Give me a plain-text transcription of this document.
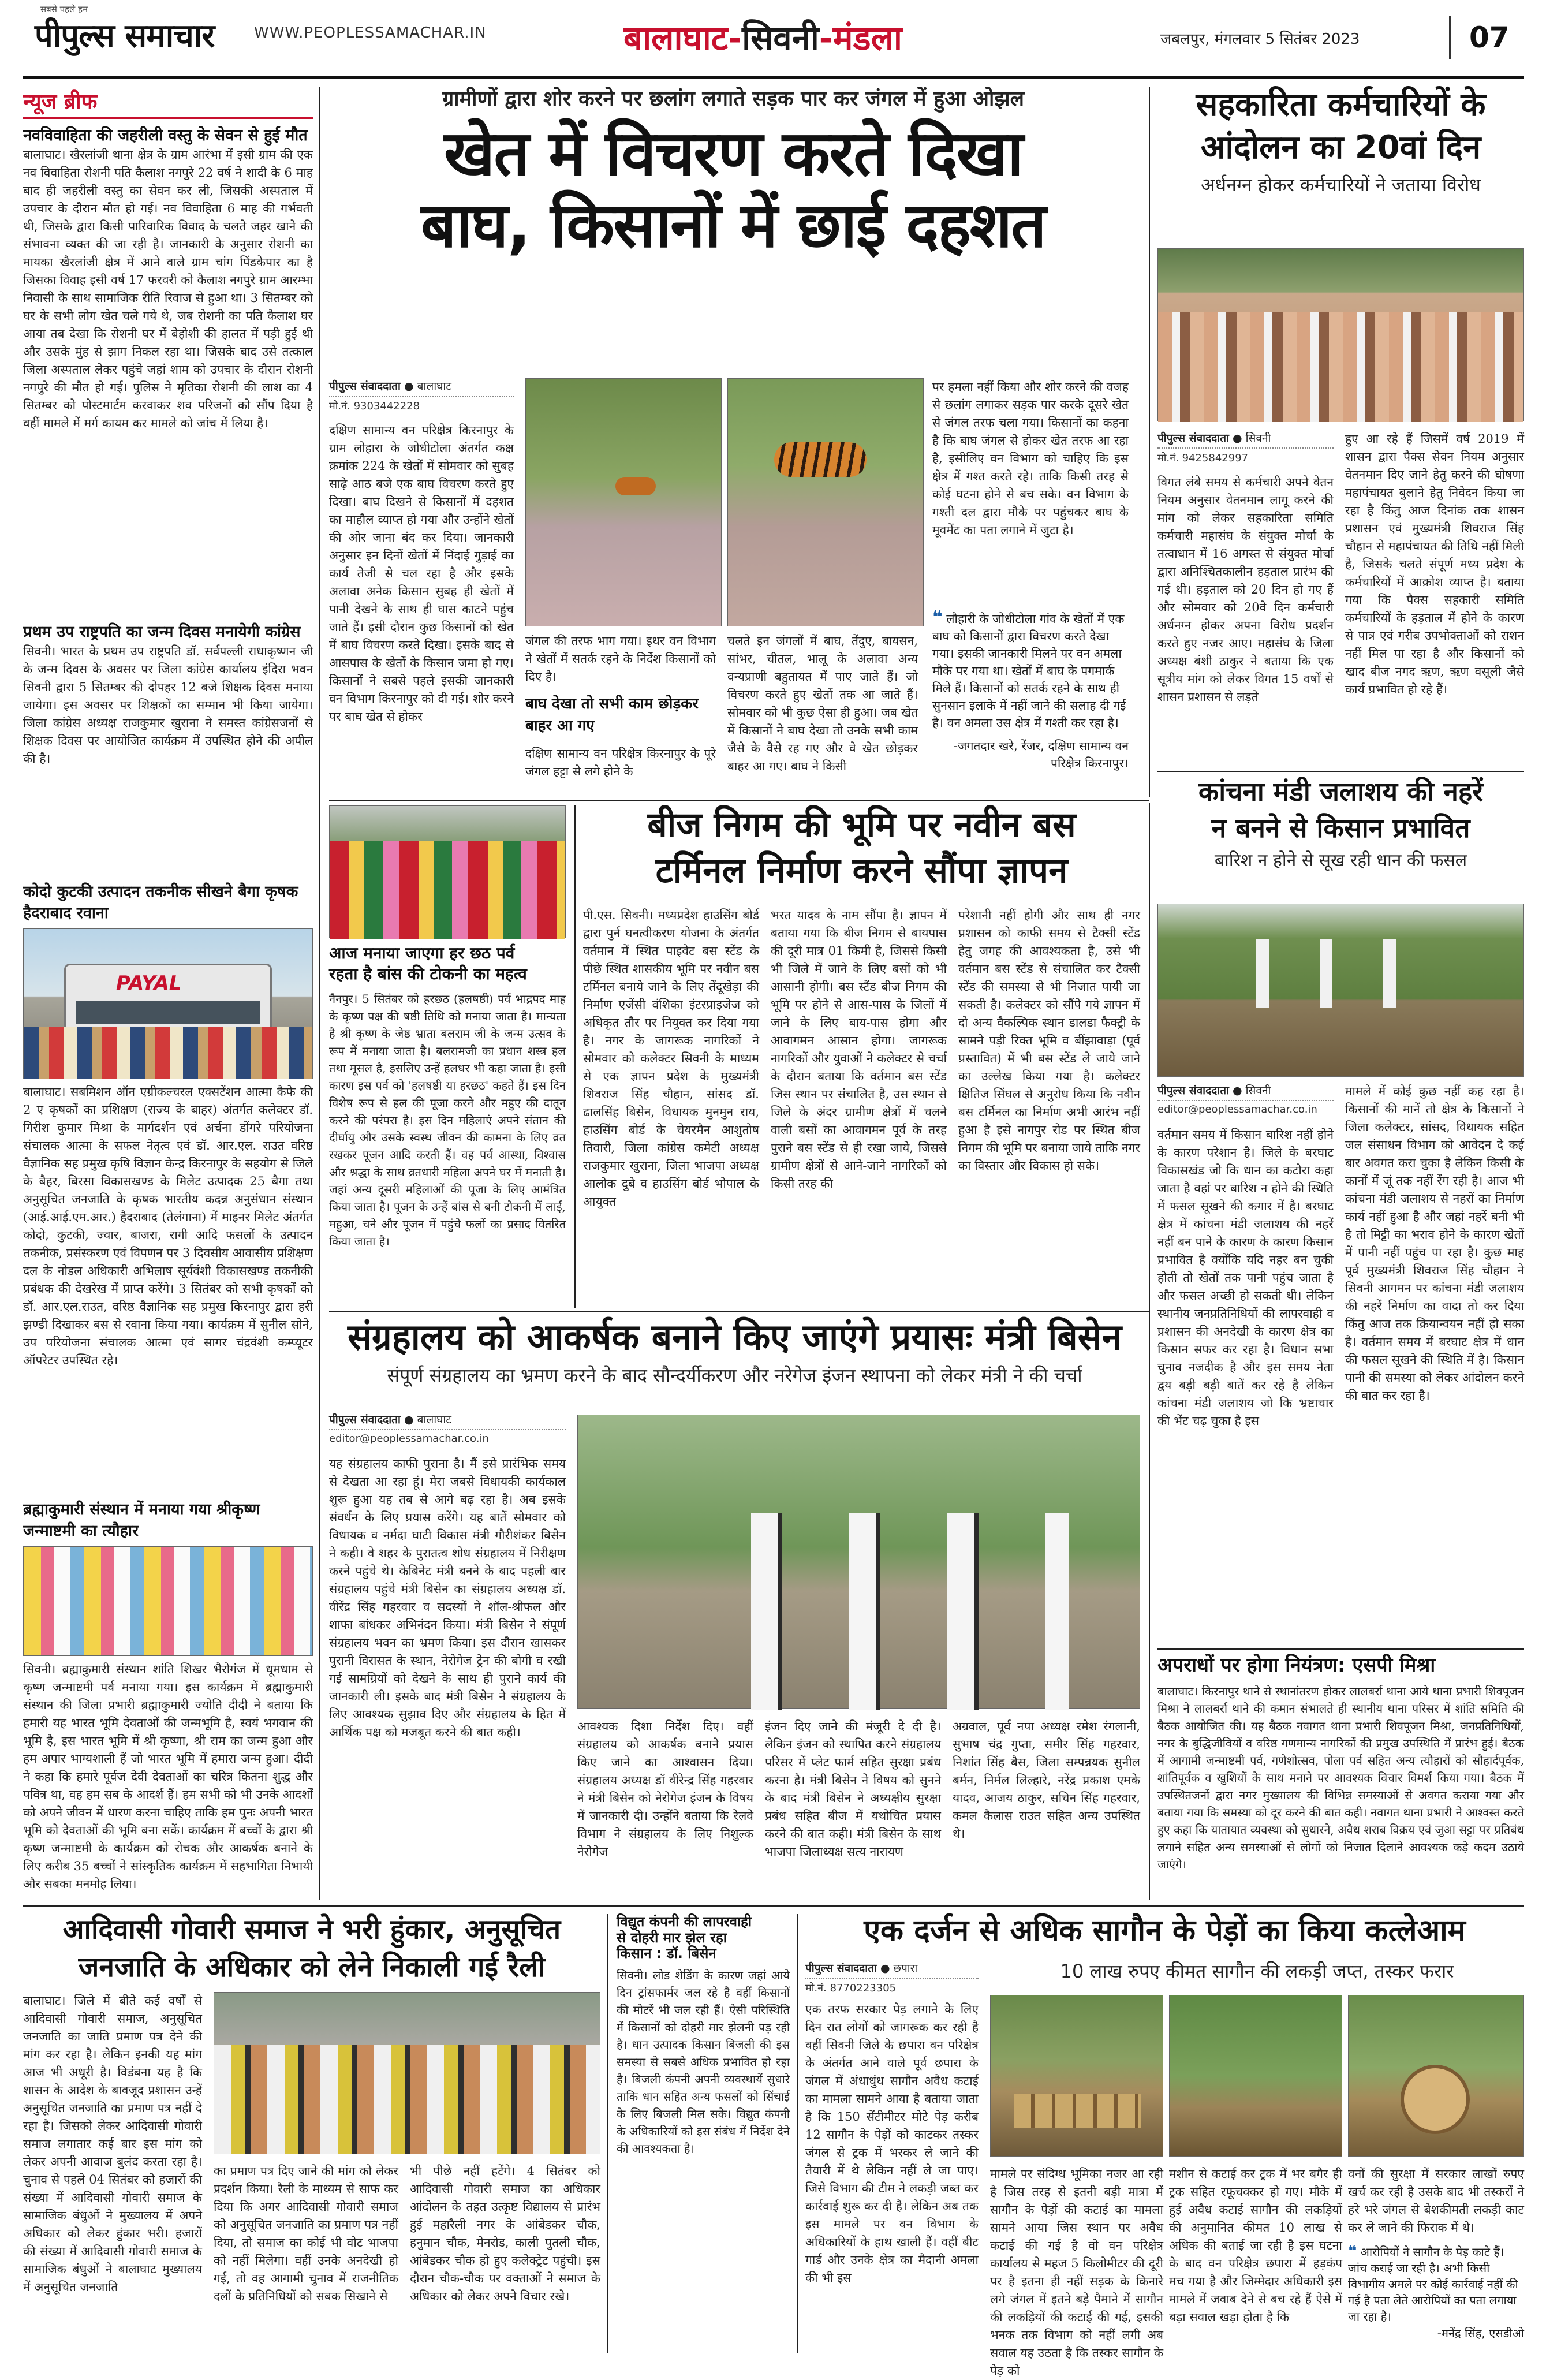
सबसे पहले हम
पीपुल्स समाचार	WWW.PEOPLESSAMACHAR.IN	बालाघाट-सिवनी-मंडला	जबलपुर, मंगलवार 5 सितंबर 2023	07
न्यूज ब्रीफ
नवविवाहिता की जहरीली वस्तु के सेवन से हुई मौत
बालाघाट। खैरलांजी थाना क्षेत्र के ग्राम आरंभा में इसी ग्राम की एक नव विवाहिता रोशनी पति कैलाश नगपुरे 22 वर्ष ने शादी के 6 माह बाद ही जहरीली वस्तु का सेवन कर ली, जिसकी अस्पताल में उपचार के दौरान मौत हो गई। नव विवाहिता 6 माह की गर्भवती थी, जिसके द्वारा किसी पारिवारिक विवाद के चलते जहर खाने की संभावना व्यक्त की जा रही है। जानकारी के अनुसार रोशनी का मायका खैरलांजी क्षेत्र में आने वाले ग्राम चांग पिंडकेपार का है जिसका विवाह इसी वर्ष 17 फरवरी को कैलाश नगपुरे ग्राम आरम्भा निवासी के साथ सामाजिक रीति रिवाज से हुआ था। 3 सितम्बर को घर के सभी लोग खेत चले गये थे, जब रोशनी का पति कैलाश घर आया तब देखा कि रोशनी घर में बेहोशी की हालत में पड़ी हुई थी और उसके मुंह से झाग निकल रहा था। जिसके बाद उसे तत्काल जिला अस्पताल लेकर पहुंचे जहां शाम को उपचार के दौरान रोशनी नगपुरे की मौत हो गई। पुलिस ने मृतिका रोशनी की लाश का 4 सितम्बर को पोस्टमार्टम करवाकर शव परिजनों को सौंप दिया है वहीं मामले में मर्ग कायम कर मामले को जांच में लिया है।
प्रथम उप राष्ट्रपति का जन्म दिवस मनायेगी कांग्रेस
सिवनी। भारत के प्रथम उप राष्ट्रपति डॉ. सर्वपल्ली राधाकृष्णन जी के जन्म दिवस के अवसर पर जिला कांग्रेस कार्यालय इंदिरा भवन सिवनी द्वारा 5 सितम्बर की दोपहर 12 बजे शिक्षक दिवस मनाया जायेगा। इस अवसर पर शिक्षकों का सम्मान भी किया जायेगा। जिला कांग्रेस अध्यक्ष राजकुमार खुराना ने समस्त कांग्रेसजनों से शिक्षक दिवस पर आयोजित कार्यक्रम में उपस्थित होने की अपील की है।
कोदो कुटकी उत्पादन तकनीक सीखने बैगा कृषक हैदराबाद रवाना
PAYAL
बालाघाट। सबमिशन ऑन एग्रीकल्चरल एक्सटेंशन आत्मा कैफे की 2 ए कृषकों का प्रशिक्षण (राज्य के बाहर) अंतर्गत कलेक्टर डॉ. गिरीश कुमार मिश्रा के मार्गदर्शन एवं अर्चना डोंगरे परियोजना संचालक आत्मा के सफल नेतृत्व एवं डॉ. आर.एल. राउत वरिष्ठ वैज्ञानिक सह प्रमुख कृषि विज्ञान केन्द्र किरनापुर के सहयोग से जिले के बैहर, बिरसा विकासखण्ड के मिलेट उत्पादक 25 बैगा तथा अनुसूचित जनजाति के कृषक भारतीय कदन्न अनुसंधान संस्थान (आई.आई.एम.आर.) हैदराबाद (तेलंगाना) में माइनर मिलेट अंतर्गत कोदो, कुटकी, ज्वार, बाजरा, रागी आदि फसलों के उत्पादन तकनीक, प्रसंस्करण एवं विपणन पर 3 दिवसीय आवासीय प्रशिक्षण दल के नोडल अधिकारी अभिलाष सूर्यवंशी विकासखण्ड तकनीकी प्रबंधक की देखरेख में प्राप्त करेंगे। 3 सितंबर को सभी कृषकों को डॉ. आर.एल.राउत, वरिष्ठ वैज्ञानिक सह प्रमुख किरनापुर द्वारा हरी झण्डी दिखाकर बस से रवाना किया गया। कार्यक्रम में सुनील सोने, उप परियोजना संचालक आत्मा एवं सागर चंद्रवंशी कम्प्यूटर ऑपरेटर उपस्थित रहे।
ब्रह्माकुमारी संस्थान में मनाया गया श्रीकृष्ण जन्माष्टमी का त्यौहार
सिवनी। ब्रह्माकुमारी संस्थान शांति शिखर भैरोगंज में धूमधाम से कृष्ण जन्माष्टमी पर्व मनाया गया। इस कार्यक्रम में ब्रह्माकुमारी संस्थान की जिला प्रभारी ब्रह्माकुमारी ज्योति दीदी ने बताया कि हमारी यह भारत भूमि देवताओं की जन्मभूमि है, स्वयं भगवान की भूमि है, इस भारत भूमि में श्री कृष्णा, श्री राम का जन्म हुआ और हम अपार भाग्यशाली हैं जो भारत भूमि में हमारा जन्म हुआ। दीदी ने कहा कि हमारे पूर्वज देवी देवताओं का चरित्र कितना शुद्ध और पवित्र था, वह हम सब के आदर्श हैं। हम सभी को भी उनके आदर्शों को अपने जीवन में धारण करना चाहिए ताकि हम पुनः अपनी भारत भूमि को देवताओं की भूमि बना सकें। कार्यक्रम में बच्चों के द्वारा श्री कृष्ण जन्माष्टमी के कार्यक्रम को रोचक और आकर्षक बनाने के लिए करीब 35 बच्चों ने सांस्कृतिक कार्यक्रम में सहभागिता निभायी और सबका मनमोह लिया।
ग्रामीणों द्वारा शोर करने पर छलांग लगाते सड़क पार कर जंगल में हुआ ओझल
खेत में विचरण करते दिखा
बाघ, किसानों में छाई दहशत
पीपुल्स संवाददाता ● बालाघाट
मो.नं. 9303442228
दक्षिण सामान्य वन परिक्षेत्र किरनापुर के ग्राम लोहारा के जोधीटोला अंतर्गत कक्ष क्रमांक 224 के खेतों में सोमवार को सुबह साढ़े आठ बजे एक बाघ विचरण करते हुए दिखा। बाघ दिखने से किसानों में दहशत का माहौल व्याप्त हो गया और उन्होंने खेतों की ओर जाना बंद कर दिया। जानकारी अनुसार इन दिनों खेतों में निंदाई गुड़ाई का कार्य तेजी से चल रहा है और इसके अलावा अनेक किसान सुबह ही खेतों में पानी देखने के साथ ही घास काटने पहुंच जाते हैं। इसी दौरान कुछ किसानों को खेत में बाघ विचरण करते दिखा। इसके बाद से आसपास के खेतों के किसान जमा हो गए। किसानों ने सबसे पहले इसकी जानकारी वन विभाग किरनापुर को दी गई। शोर करने पर बाघ खेत से होकर
जंगल की तरफ भाग गया। इधर वन विभाग ने खेतों में सतर्क रहने के निर्देश किसानों को दिए है।
बाघ देखा तो सभी काम छोड़कर बाहर आ गए
दक्षिण सामान्य वन परिक्षेत्र किरनापुर के पूरे जंगल हट्टा से लगे होने के
चलते इन जंगलों में बाघ, तेंदुए, बायसन, सांभर, चीतल, भालू के अलावा अन्य वन्यप्राणी बहुतायत में पाए जाते हैं। जो विचरण करते हुए खेतों तक आ जाते हैं। सोमवार को भी कुछ ऐसा ही हुआ। जब खेत में किसानों ने बाघ देखा तो उनके सभी काम जैसे के वैसे रह गए और वे खेत छोड़कर बाहर आ गए। बाघ ने किसी
पर हमला नहीं किया और शोर करने की वजह से छलांग लगाकर सड़क पार करके दूसरे खेत से जंगल तरफ चला गया। किसानों का कहना है कि बाघ जंगल से होकर खेत तरफ आ रहा है, इसीलिए वन विभाग को चाहिए कि इस क्षेत्र में गश्त करते रहे। ताकि किसी तरह से कोई घटना होने से बच सके। वन विभाग के गश्ती दल द्वारा मौके पर पहुंचकर बाघ के मूवमेंट का पता लगाने में जुटा है।
❝ लौहारी के जोधीटोला गांव के खेतों में एक बाघ को किसानों द्वारा विचरण करते देखा गया। इसकी जानकारी मिलने पर वन अमला मौके पर गया था। खेतों में बाघ के पगमार्क मिले हैं। किसानों को सतर्क रहने के साथ ही सुनसान इलाके में नहीं जाने की सलाह दी गई है। वन अमला उस क्षेत्र में गश्ती कर रहा है।
-जगतदार खरे, रेंजर, दक्षिण सामान्य वन परिक्षेत्र किरनापुर।
सहकारिता कर्मचारियों के
आंदोलन का 20वां दिन
अर्धनग्न होकर कर्मचारियों ने जताया विरोध
पीपुल्स संवाददाता ● सिवनी
मो.नं. 9425842997
विगत लंबे समय से कर्मचारी अपने वेतन नियम अनुसार वेतनमान लागू करने की मांग को लेकर सहकारिता समिति कर्मचारी महासंघ के संयुक्त मोर्चा के तत्वाधान में 16 अगस्त से संयुक्त मोर्चा द्वारा अनिश्चितकालीन हड़ताल प्रारंभ की गई थी। हड़ताल को 20 दिन हो गए हैं और सोमवार को 20वे दिन कर्मचारी अर्धनग्न होकर अपना विरोध प्रदर्शन करते हुए नजर आए। महासंघ के जिला अध्यक्ष बंशी ठाकुर ने बताया कि एक सूत्रीय मांग को लेकर विगत 15 वर्षों से शासन प्रशासन से लड़ते
हुए आ रहे हैं जिसमें वर्ष 2019 में शासन द्वारा पैक्स सेवन नियम अनुसार वेतनमान दिए जाने हेतु करने की घोषणा महापंचायत बुलाने हेतु निवेदन किया जा रहा है किंतु आज दिनांक तक शासन प्रशासन एवं मुख्यमंत्री शिवराज सिंह चौहान से महापंचायत की तिथि नहीं मिली है, जिसके चलते संपूर्ण मध्य प्रदेश के कर्मचारियों में आक्रोश व्याप्त है। बताया गया कि पैक्स सहकारी समिति कर्मचारियों के हड़ताल में होने के कारण से पात्र एवं गरीब उपभोक्ताओं को राशन नहीं मिल पा रहा है और किसानों को खाद बीज नगद ऋण, ऋण वसूली जैसे कार्य प्रभावित हो रहे हैं।
कांचना मंडी जलाशय की नहरें
न बनने से किसान प्रभावित
बारिश न होने से सूख रही धान की फसल
पीपुल्स संवाददाता ● सिवनी
editor@peoplessamachar.co.in
वर्तमान समय में किसान बारिश नहीं होने के कारण परेशान है। जिले के बरघाट विकासखंड जो कि धान का कटोरा कहा जाता है वहां पर बारिश न होने की स्थिति में फसल सूखने की कगार में है। बरघाट क्षेत्र में कांचना मंडी जलाशय की नहरें नहीं बन पाने के कारण के कारण किसान प्रभावित है क्योंकि यदि नहर बन चुकी होती तो खेतों तक पानी पहुंच जाता है और फसल अच्छी हो सकती थी। लेकिन स्थानीय जनप्रतिनिधियों की लापरवाही व प्रशासन की अनदेखी के कारण क्षेत्र का किसान सफर कर रहा है। विधान सभा चुनाव नजदीक है और इस समय नेता द्वय बड़ी बड़ी बातें कर रहे है लेकिन कांचना मंडी जलाशय जो कि भ्रष्टाचार की भेंट चढ़ चुका है इस
मामले में कोई कुछ नहीं कह रहा है। किसानों की मानें तो क्षेत्र के किसानों ने जिला कलेक्टर, सांसद, विधायक सहित जल संसाधन विभाग को आवेदन दे कई बार अवगत करा चुका है लेकिन किसी के कानों में जूं तक नहीं रेंग रही है। आज भी कांचना मंडी जलाशय से नहरों का निर्माण कार्य नहीं हुआ है और जहां नहरें बनी भी है तो मिट्टी का भराव होने के कारण खेतों में पानी नहीं पहुंच पा रहा है। कुछ माह पूर्व मुख्यमंत्री शिवराज सिंह चौहान ने सिवनी आगमन पर कांचना मंडी जलाशय की नहरें निर्माण का वादा तो कर दिया किंतु आज तक क्रियान्वयन नहीं हो सका है। वर्तमान समय में बरघाट क्षेत्र में धान की फसल सूखने की स्थिति में है। किसान पानी की समस्या को लेकर आंदोलन करने की बात कर रहा है।
अपराधों पर होगा नियंत्रण: एसपी मिश्रा
बालाघाट। किरनापुर थाने से स्थानांतरण होकर लालबर्रा थाना आये थाना प्रभारी शिवपूजन मिश्रा ने लालबर्रा थाने की कमान संभालते ही स्थानीय थाना परिसर में शांति समिति की बैठक आयोजित की। यह बैठक नवागत थाना प्रभारी शिवपूजन मिश्रा, जनप्रतिनिधियों, नगर के बुद्धिजीवियों व वरिष्ठ गणमान्य नागरिकों की प्रमुख उपस्थिति में प्रारंभ हुई। बैठक में आगामी जन्माष्टमी पर्व, गणेशोत्सव, पोला पर्व सहित अन्य त्यौहारों को सौहार्दपूर्वक, शांतिपूर्वक व खुशियों के साथ मनाने पर आवश्यक विचार विमर्श किया गया। बैठक में उपस्थितजनों द्वारा नगर मुख्यालय की विभिन्न समस्याओं से अवगत कराया गया और बताया गया कि समस्या को दूर करने की बात कही। नवागत थाना प्रभारी ने आश्वस्त करते हुए कहा कि यातायात व्यवस्था को सुधारने, अवैध शराब विक्रय एवं जुआ सट्टा पर प्रतिबंध लगाने सहित अन्य समस्याओं से लोगों को निजात दिलाने आवश्यक कड़े कदम उठाये जाएंगे।
आज मनाया जाएगा हर छठ पर्व
रहता है बांस की टोकनी का महत्व
नैनपुर। 5 सितंबर को हरछठ (हलषष्ठी) पर्व भाद्रपद माह के कृष्ण पक्ष की षष्ठी तिथि को मनाया जाता है। मान्यता है श्री कृष्ण के जेष्ठ भ्राता बलराम जी के जन्म उत्सव के रूप में मनाया जाता है। बलरामजी का प्रधान शस्त्र हल तथा मूसल है, इसलिए उन्हें हलधर भी कहा जाता है। इसी कारण इस पर्व को 'हलषष्ठी या हरछठ' कहते हैं। इस दिन विशेष रूप से हल की पूजा करने और महुए की दातून करने की परंपरा है। इस दिन महिलाएं अपने संतान की दीर्घायु और उसके स्वस्थ जीवन की कामना के लिए व्रत रखकर पूजन आदि करती हैं। वह पर्व आस्था, विश्वास और श्रद्धा के साथ व्रतधारी महिला अपने घर में मनाती है। जहां अन्य दूसरी महिलाओं की पूजा के लिए आमंत्रित किया जाता है। पूजन के उन्हें बांस से बनी टोकनी में लाई, महुआ, चने और पूजन में पहुंचे फलों का प्रसाद वितरित किया जाता है।
बीज निगम की भूमि पर नवीन बस
टर्मिनल निर्माण करने सौंपा ज्ञापन
पी.एस. सिवनी। मध्यप्रदेश हाउसिंग बोर्ड द्वारा पुर्न घनत्वीकरण योजना के अंतर्गत वर्तमान में स्थित पाइवेट बस स्टेंड के पीछे स्थित शासकीय भूमि पर नवीन बस टर्मिनल बनाये जाने के लिए तेंदूखेड़ा की निर्माण एजेंसी वंशिका इंटरप्राइजेज को अधिकृत तौर पर नियुक्त कर दिया गया है। नगर के जागरूक नागरिकों ने सोमवार को कलेक्टर सिवनी के माध्यम से एक ज्ञापन प्रदेश के मुख्यमंत्री शिवराज सिंह चौहान, सांसद डॉ. ढालसिंह बिसेन, विधायक मुनमुन राय, हाउसिंग बोर्ड के चेयरमैन आशुतोष तिवारी, जिला कांग्रेस कमेटी अध्यक्ष राजकुमार खुराना, जिला भाजपा अध्यक्ष आलोक दुबे व हाउसिंग बोर्ड भोपाल के आयुक्त
भरत यादव के नाम सौंपा है। ज्ञापन में बताया गया कि बीज निगम से बायपास की दूरी मात्र 01 किमी है, जिससे किसी भी जिले में जाने के लिए बसों को भी आसानी होगी। बस स्टैंड बीज निगम की भूमि पर होने से आस-पास के जिलों में जाने के लिए बाय-पास होगा और आवागमन आसान होगा। जागरूक नागरिकों और युवाओं ने कलेक्टर से चर्चा के दौरान बताया कि वर्तमान बस स्टेंड जिस स्थान पर संचालित है, उस स्थान से जिले के अंदर ग्रामीण क्षेत्रों में चलने वाली बसों का आवागमन पूर्व के तरह पुराने बस स्टेंड से ही रखा जाये, जिससे ग्रामीण क्षेत्रों से आने-जाने नागरिकों को किसी तरह की
परेशानी नहीं होगी और साथ ही नगर प्रशासन को काफी समय से टैक्सी स्टेंड हेतु जगह की आवश्यकता है, उसे भी वर्तमान बस स्टेंड से संचालित कर टैक्सी स्टेंड की समस्या से भी निजात पायी जा सकती है। कलेक्टर को सौंपे गये ज्ञापन में दो अन्य वैकल्पिक स्थान डालडा फैक्ट्री के सामने पड़ी रिक्त भूमि व बींझावाड़ा (पूर्व प्रस्तावित) में भी बस स्टेंड ले जाये जाने का उल्लेख किया गया है। कलेक्टर क्षितिज सिंघल से अनुरोध किया कि नवीन बस टर्मिनल का निर्माण अभी आरंभ नहीं हुआ है इसे नागपुर रोड पर स्थित बीज निगम की भूमि पर बनाया जाये ताकि नगर का विस्तार और विकास हो सके।
संग्रहालय को आकर्षक बनाने किए जाएंगे प्रयासः मंत्री बिसेन
संपूर्ण संग्रहालय का भ्रमण करने के बाद सौन्दर्यीकरण और नरेगेज इंजन स्थापना को लेकर मंत्री ने की चर्चा
पीपुल्स संवाददाता ● बालाघाट
editor@peoplessamachar.co.in
यह संग्रहालय काफी पुराना है। मैं इसे प्रारंभिक समय से देखता आ रहा हूं। मेरा जबसे विधायकी कार्यकाल शुरू हुआ यह तब से आगे बढ़ रहा है। अब इसके संवर्धन के लिए प्रयास करेंगे। यह बातें सोमवार को विधायक व नर्मदा घाटी विकास मंत्री गौरीशंकर बिसेन ने कही। वे शहर के पुरातत्व शोध संग्रहालय में निरीक्षण करने पहुंचे थे। केबिनेट मंत्री बनने के बाद पहली बार संग्रहालय पहुंचे मंत्री बिसेन का संग्रहालय अध्यक्ष डॉ. वीरेंद्र सिंह गहरवार व सदस्यों ने शॉल-श्रीफल और शाफा बांधकर अभिनंदन किया। मंत्री बिसेन ने संपूर्ण संग्रहालय भवन का भ्रमण किया। इस दौरान खासकर पुरानी विरासत के स्थान, नेरोगेज ट्रेन की बोगी व रखी गई सामग्रियों को देखने के साथ ही पुराने कार्य की जानकारी ली। इसके बाद मंत्री बिसेन ने संग्रहालय के लिए आवश्यक सुझाव दिए और संग्रहालय के हित में आर्थिक पक्ष को मजबूत करने की बात कही।	आवश्यक दिशा निर्देश दिए। वहीं संग्रहालय को आकर्षक बनाने प्रयास किए जाने का आश्वासन दिया। संग्रहालय अध्यक्ष डॉ वीरेन्द्र सिंह गहरवार ने मंत्री बिसेन को नेरोगेज इंजन के विषय में जानकारी दी। उन्होंने बताया कि रेलवे विभाग ने संग्रहालय के लिए निशुल्क नेरोगेज
इंजन दिए जाने की मंजूरी दे दी है। लेकिन इंजन को स्थापित करने संग्रहालय परिसर में प्लेट फार्म सहित सुरक्षा प्रबंध करना है। मंत्री बिसेन ने विषय को सुनने के बाद मंत्री बिसेन ने अध्यक्षीय सुरक्षा प्रबंध सहित बीज में यथोचित प्रयास करने की बात कही। मंत्री बिसेन के साथ भाजपा जिलाध्यक्ष सत्य नारायण
अग्रवाल, पूर्व नपा अध्यक्ष रमेश रंगलानी, सुभाष चंद्र गुप्ता, समीर सिंह गहरवार, निशांत सिंह बैस, जिला सम्पन्नयक सुनील बर्मन, निर्मल लिल्हारे, नरेंद्र प्रकाश एमके यादव, आजय ठाकुर, सचिन सिंह गहरवार, कमल कैलास राउत सहित अन्य उपस्थित थे।
आदिवासी गोवारी समाज ने भरी हुंकार, अनुसूचित
जनजाति के अधिकार को लेने निकाली गई रैली
बालाघाट। जिले में बीते कई वर्षों से आदिवासी गोवारी समाज, अनुसूचित जनजाति का जाति प्रमाण पत्र देने की मांग कर रहा है। लेकिन इनकी यह मांग आज भी अधूरी है। विडंबना यह है कि शासन के आदेश के बावजूद प्रशासन उन्हें अनुसूचित जनजाति का प्रमाण पत्र नहीं दे रहा है। जिसको लेकर आदिवासी गोवारी समाज लगातार कई बार इस मांग को लेकर अपनी आवाज बुलंद करता रहा है। चुनाव से पहले 04 सितंबर को हजारों की संख्या में आदिवासी गोवारी समाज के सामाजिक बंधुओं ने मुख्यालय में अपने अधिकार को लेकर हुंकार भरी। हजारों की संख्या में आदिवासी गोवारी समाज के सामाजिक बंधुओं ने बालाघाट मुख्यालय में अनुसूचित जनजाति
का प्रमाण पत्र दिए जाने की मांग को लेकर प्रदर्शन किया। रैली के माध्यम से साफ कर दिया कि अगर आदिवासी गोवारी समाज को अनुसूचित जनजाति का प्रमाण पत्र नहीं दिया, तो समाज का कोई भी वोट भाजपा को नहीं मिलेगा। वहीं उनके अनदेखी हो गई, तो वह आगामी चुनाव में राजनीतिक दलों के प्रतिनिधियों को सबक सिखाने से
भी पीछे नहीं हटेंगे। 4 सितंबर को आदिवासी गोवारी समाज का अधिकार आंदोलन के तहत उत्कृष्ट विद्यालय से प्रारंभ हुई महारैली नगर के आंबेडकर चौक, हनुमान चौक, मेनरोड, काली पुतली चौक, आंबेडकर चौक हो हुए कलेक्ट्रेट पहुंची। इस दौरान चौक-चौक पर वक्ताओं ने समाज के अधिकार को लेकर अपने विचार रखे।
विद्युत कंपनी की लापरवाही
से दोहरी मार झेल रहा
किसान : डॉ. बिसेन
सिवनी। लोड शेडिंग के कारण जहां आये दिन ट्रांसफार्मर जल रहे है वहीं किसानों की मोटरें भी जल रही हैं। ऐसी परिस्थिति में किसानों को दोहरी मार झेलनी पड़ रही है। धान उत्पादक किसान बिजली की इस समस्या से सबसे अधिक प्रभावित हो रहा है। बिजली कंपनी अपनी व्यवस्थायें सुधारे ताकि धान सहित अन्य फसलों को सिंचाई के लिए बिजली मिल सके। विद्युत कंपनी के अधिकारियों को इस संबंध में निर्देश देने की आवश्यकता है।
एक दर्जन से अधिक सागौन के पेड़ों का किया कत्लेआम
पीपुल्स संवाददाता ● छपारा
मो.नं. 8770223305
10 लाख रुपए कीमत सागौन की लकड़ी जप्त, तस्कर फरार
एक तरफ सरकार पेड़ लगाने के लिए दिन रात लोगों को जागरूक कर रही है वहीं सिवनी जिले के छपारा वन परिक्षेत्र के अंतर्गत आने वाले पूर्व छपारा के जंगल में अंधाधुंध सागौन अवैध कटाई का मामला सामने आया है बताया जाता है कि 150 सेंटीमीटर मोटे पेड़ करीब 12 सागौन के पेड़ों को काटकर तस्कर जंगल से ट्रक में भरकर ले जाने की तैयारी में थे लेकिन नहीं ले जा पाए। जिसे विभाग की टीम ने लकड़ी जब्त कर कार्रवाई शुरू कर दी है। लेकिन अब तक इस मामले पर वन विभाग के अधिकारियों के हाथ खाली हैं। वहीं बीट गार्ड और उनके क्षेत्र का मैदानी अमला की भी इस
मामले पर संदिग्ध भूमिका नजर आ रही है जिस तरह से इतनी बड़ी मात्रा में सागौन के पेड़ों की कटाई का मामला सामने आया जिस स्थान पर अवैध कटाई की गई है वो वन परिक्षेत्र कार्यालय से महज 5 किलोमीटर की दूरी पर है इतना ही नहीं सड़क के किनारे लगे जंगल में इतने बड़े पैमाने में सागौन की लकड़ियों की कटाई की गई, इसकी भनक तक विभाग को नहीं लगी अब सवाल यह उठता है कि तस्कर सागौन के पेड़ को
मशीन से कटाई कर ट्रक में भर बगैर ही ट्रक सहित रफूचक्कर हो गए। मौके में हुई अवैध कटाई सागौन की लकड़ियों की अनुमानित कीमत 10 लाख से अधिक की बताई जा रही है इस घटना के बाद वन परिक्षेत्र छपारा में हड़कंप मच गया है और जिम्मेदार अधिकारी इस मामले में जवाब देने से बच रहे हैं ऐसे में बड़ा सवाल खड़ा होता है कि
वनों की सुरक्षा में सरकार लाखों रुपए खर्च कर रही है उसके बाद भी तस्करों ने हरे भरे जंगल से बेशकीमती लकड़ी काट कर ले जाने की फिराक में थे।
❝ आरोपियों ने सागौन के पेड़ काटे हैं। जांच कराई जा रही है। अभी किसी विभागीय अमले पर कोई कार्रवाई नहीं की गई है पता लेते आरोपियों का पता लगाया जा रहा है।
-मनेंद्र सिंह, एसडीओ
